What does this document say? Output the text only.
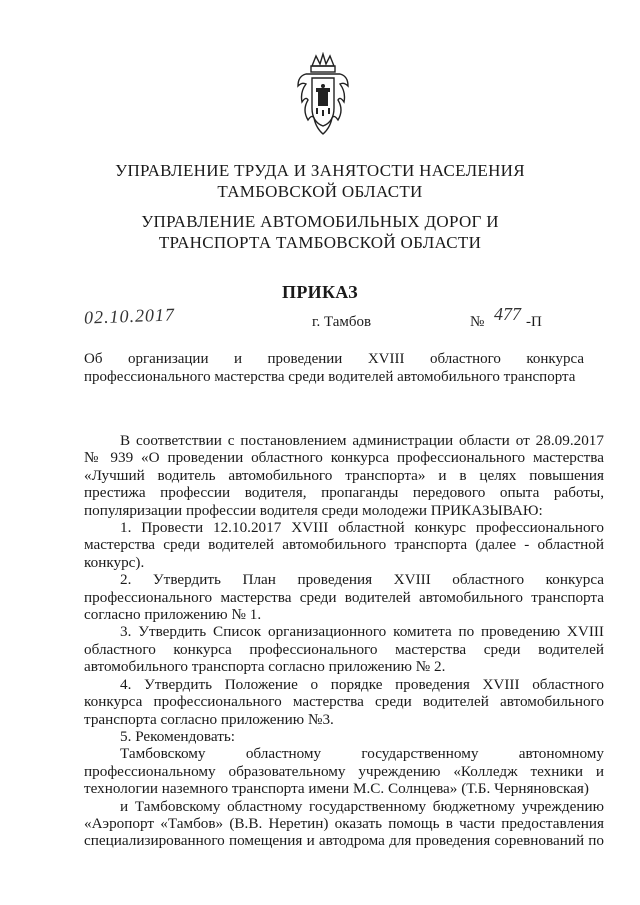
УПРАВЛЕНИЕ ТРУДА И ЗАНЯТОСТИ НАСЕЛЕНИЯ
ТАМБОВСКОЙ ОБЛАСТИ
УПРАВЛЕНИЕ АВТОМОБИЛЬНЫХ ДОРОГ И
ТРАНСПОРТА ТАМБОВСКОЙ ОБЛАСТИ
ПРИКАЗ
02.10.2017	г. Тамбов	№ 477 -П
Об организации и проведении XVIII областного конкурса
профессионального мастерства среди водителей автомобильного транспорта

В соответствии с постановлением администрации области от 28.09.2017 № 939 «О проведении областного конкурса профессионального мастерства «Лучший водитель автомобильного транспорта» и в целях повышения престижа профессии водителя, пропаганды передового опыта работы, популяризации профессии водителя среди молодежи ПРИКАЗЫВАЮ:

1. Провести 12.10.2017 XVIII областной конкурс профессионального мастерства среди водителей автомобильного транспорта (далее - областной конкурс).

2. Утвердить План проведения XVIII областного конкурса профессионального мастерства среди водителей автомобильного транспорта согласно приложению № 1.

3. Утвердить Список организационного комитета по проведению XVIII областного конкурса профессионального мастерства среди водителей автомобильного транспорта согласно приложению № 2.

4. Утвердить Положение о порядке проведения XVIII областного конкурса профессионального мастерства среди водителей автомобильного транспорта согласно приложению №3.

5. Рекомендовать:

Тамбовскому областному государственному автономному профессиональному образовательному учреждению «Колледж техники и технологии наземного транспорта имени М.С. Солнцева» (Т.Б. Черняновская)

и Тамбовскому областному государственному бюджетному учреждению «Аэропорт «Тамбов» (В.В. Неретин) оказать помощь в части предоставления специализированного помещения и автодрома для проведения соревнований по
